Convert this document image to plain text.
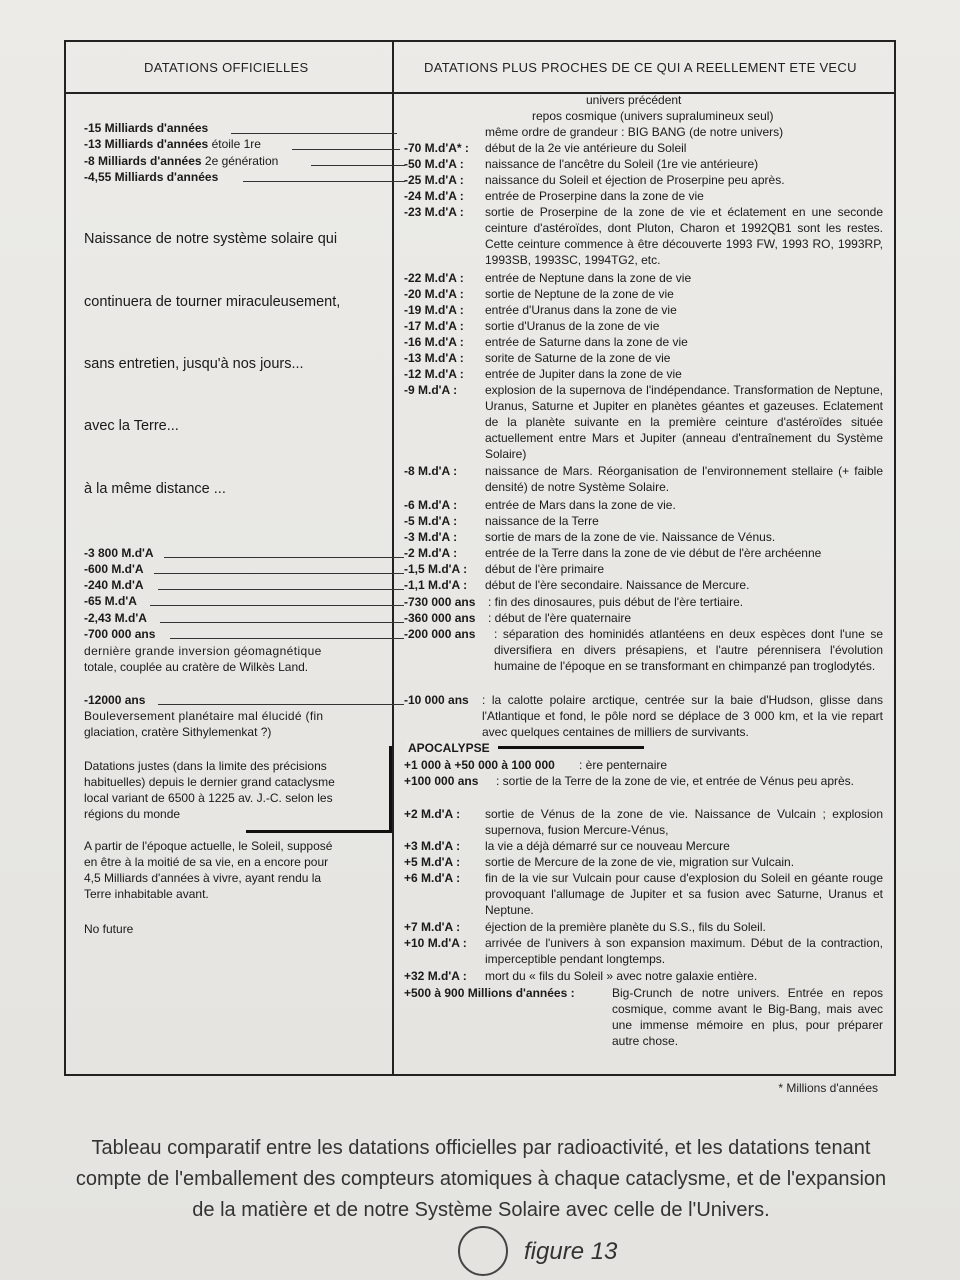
DATATIONS OFFICIELLES	DATATIONS PLUS PROCHES DE CE QUI A REELLEMENT ETE VECU
-15 Milliards d'années
-13 Milliards d'années étoile 1re
-8 Milliards d'années 2e génération
-4,55 Milliards d'années
Naissance de notre système solaire qui
continuera de tourner miraculeusement,
sans entretien, jusqu'à nos jours...
avec la Terre...
à la même distance ...
-3 800 M.d'A
-600 M.d'A
-240 M.d'A
-65 M.d'A
-2,43 M.d'A
-700 000 ans
dernière grande inversion géomagnétique
totale, couplée au cratère de Wilkès Land.
-12000 ans
Bouleversement planétaire mal élucidé (fin
glaciation, cratère Sithylemenkat ?)
Datations justes (dans la limite des précisions
habituelles) depuis le dernier grand cataclysme
local variant de 6500 à 1225 av. J.-C. selon les
régions du monde
A partir de l'époque actuelle, le Soleil, supposé
en être à la moitié de sa vie, en a encore pour
4,5 Milliards d'années à vivre, ayant rendu la
Terre inhabitable avant.
No future
univers précédent
repos cosmique (univers supralumineux seul)
même ordre de grandeur : BIG BANG (de notre univers)
-70 M.d'A* : début de la 2e vie antérieure du Soleil
-50 M.d'A : naissance de l'ancêtre du Soleil (1re vie antérieure)
-25 M.d'A : naissance du Soleil et éjection de Proserpine peu après.
-24 M.d'A : entrée de Proserpine dans la zone de vie
-23 M.d'A : sortie de Proserpine de la zone de vie et éclatement en une seconde ceinture d'astéroïdes, dont Pluton, Charon et 1992QB1 sont les restes. Cette ceinture commence à être découverte 1993 FW, 1993 RO, 1993RP, 1993SB, 1993SC, 1994TG2, etc.
-22 M.d'A : entrée de Neptune dans la zone de vie
-20 M.d'A : sortie de Neptune de la zone de vie
-19 M.d'A : entrée d'Uranus dans la zone de vie
-17 M.d'A : sortie d'Uranus de la zone de vie
-16 M.d'A : entrée de Saturne dans la zone de vie
-13 M.d'A : sorite de Saturne de la zone de vie
-12 M.d'A : entrée de Jupiter dans la zone de vie
-9 M.d'A : explosion de la supernova de l'indépendance. Transformation de Neptune, Uranus, Saturne et Jupiter en planètes géantes et gazeuses. Eclatement de la planète suivante en la première ceinture d'astéroïdes située actuellement entre Mars et Jupiter (anneau d'entraînement du Système Solaire)
-8 M.d'A : naissance de Mars. Réorganisation de l'environnement stellaire (+ faible densité) de notre Système Solaire.
-6 M.d'A : entrée de Mars dans la zone de vie.
-5 M.d'A : naissance de la Terre
-3 M.d'A : sortie de mars de la zone de vie. Naissance de Vénus.
-2 M.d'A : entrée de la Terre dans la zone de vie début de l'ère archéenne
-1,5 M.d'A : début de l'ère primaire
-1,1 M.d'A : début de l'ère secondaire. Naissance de Mercure.
-730 000 ans : fin des dinosaures, puis début de l'ère tertiaire.
-360 000 ans : début de l'ère quaternaire
-200 000 ans : séparation des hominidés atlantéens en deux espèces dont l'une se diversifiera en divers présapiens, et l'autre pérennisera l'évolution humaine de l'époque en se transformant en chimpanzé pan troglodytés.
-10 000 ans : la calotte polaire arctique, centrée sur la baie d'Hudson, glisse dans l'Atlantique et fond, le pôle nord se déplace de 3 000 km, et la vie repart avec quelques centaines de milliers de survivants.
APOCALYPSE
+1 000 à +50 000 à 100 000 : ère penternaire
+100 000 ans : sortie de la Terre de la zone de vie, et entrée de Vénus peu après.
+2 M.d'A : sortie de Vénus de la zone de vie. Naissance de Vulcain ; explosion supernova, fusion Mercure-Vénus,
+3 M.d'A : la vie a déjà démarré sur ce nouveau Mercure
+5 M.d'A : sortie de Mercure de la zone de vie, migration sur Vulcain.
+6 M.d'A : fin de la vie sur Vulcain pour cause d'explosion du Soleil en géante rouge provoquant l'allumage de Jupiter et sa fusion avec Saturne, Uranus et Neptune.
+7 M.d'A : éjection de la première planète du S.S., fils du Soleil.
+10 M.d'A : arrivée de l'univers à son expansion maximum. Début de la contraction, imperceptible pendant longtemps.
+32 M.d'A : mort du « fils du Soleil » avec notre galaxie entière.
+500 à 900 Millions d'années :	Big-Crunch de notre univers. Entrée en repos cosmique, comme avant le Big-Bang, mais avec une immense mémoire en plus, pour préparer autre chose.
* Millions d'années
Tableau comparatif entre les datations officielles par radioactivité, et les datations tenant compte de l'emballement des compteurs atomiques à chaque cataclysme, et de l'expansion de la matière et de notre Système Solaire avec celle de l'Univers.
figure 13
